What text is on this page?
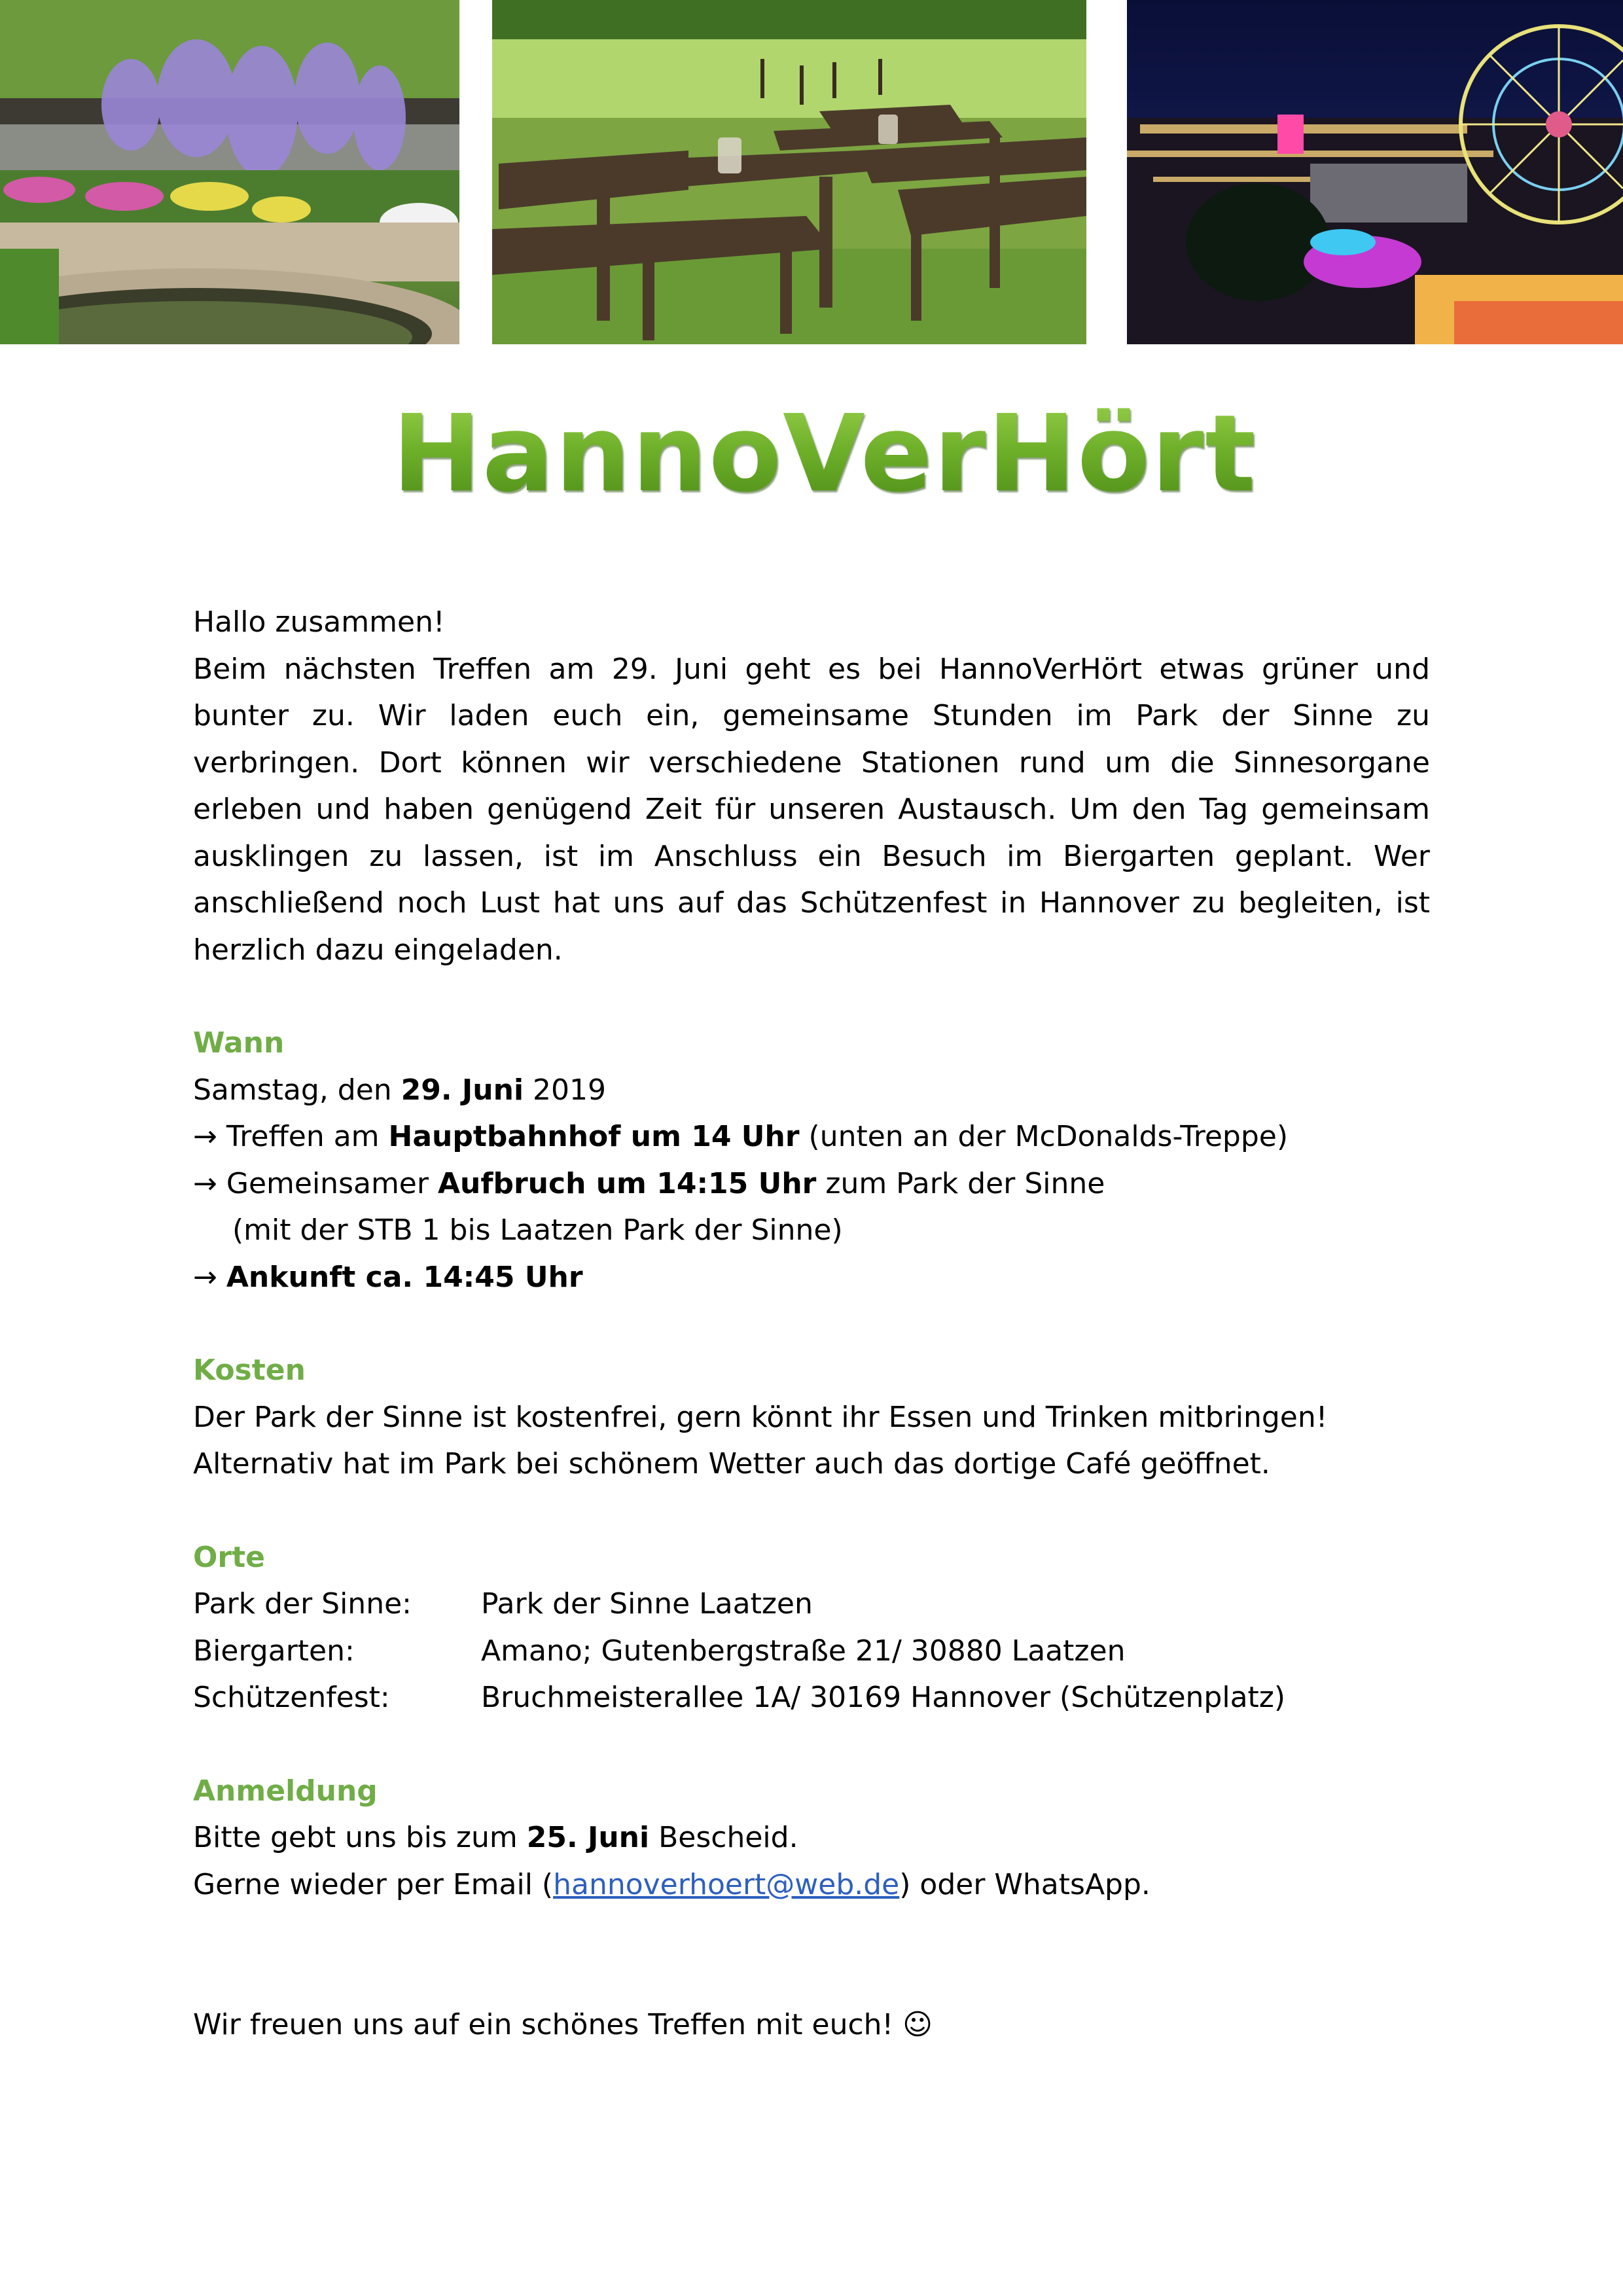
HannoVerHört

Hallo zusammen!

Beim nächsten Treffen am 29. Juni geht es bei HannoVerHört etwas grüner und bunter zu. Wir laden euch ein, gemeinsame Stunden im Park der Sinne zu verbringen. Dort können wir verschiedene Stationen rund um die Sinnesorgane erleben und haben genügend Zeit für unseren Austausch. Um den Tag gemeinsam ausklingen zu lassen, ist im Anschluss ein Besuch im Biergarten geplant. Wer anschließend noch Lust hat uns auf das Schützenfest in Hannover zu begleiten, ist herzlich dazu eingeladen.

Wann

Samstag, den 29. Juni 2019

→ Treffen am Hauptbahnhof um 14 Uhr (unten an der McDonalds-Treppe)

→ Gemeinsamer Aufbruch um 14:15 Uhr zum Park der Sinne

(mit der STB 1 bis Laatzen Park der Sinne)

→ Ankunft ca. 14:45 Uhr

Kosten

Der Park der Sinne ist kostenfrei, gern könnt ihr Essen und Trinken mitbringen!

Alternativ hat im Park bei schönem Wetter auch das dortige Café geöffnet.

Orte

Park der Sinne:	Park der Sinne Laatzen
Biergarten:	Amano; Gutenbergstraße 21/ 30880 Laatzen
Schützenfest:	Bruchmeisterallee 1A/ 30169 Hannover (Schützenplatz)

Anmeldung

Bitte gebt uns bis zum 25. Juni Bescheid.

Gerne wieder per Email (hannoverhoert@web.de) oder WhatsApp.

Wir freuen uns auf ein schönes Treffen mit euch! ☺
